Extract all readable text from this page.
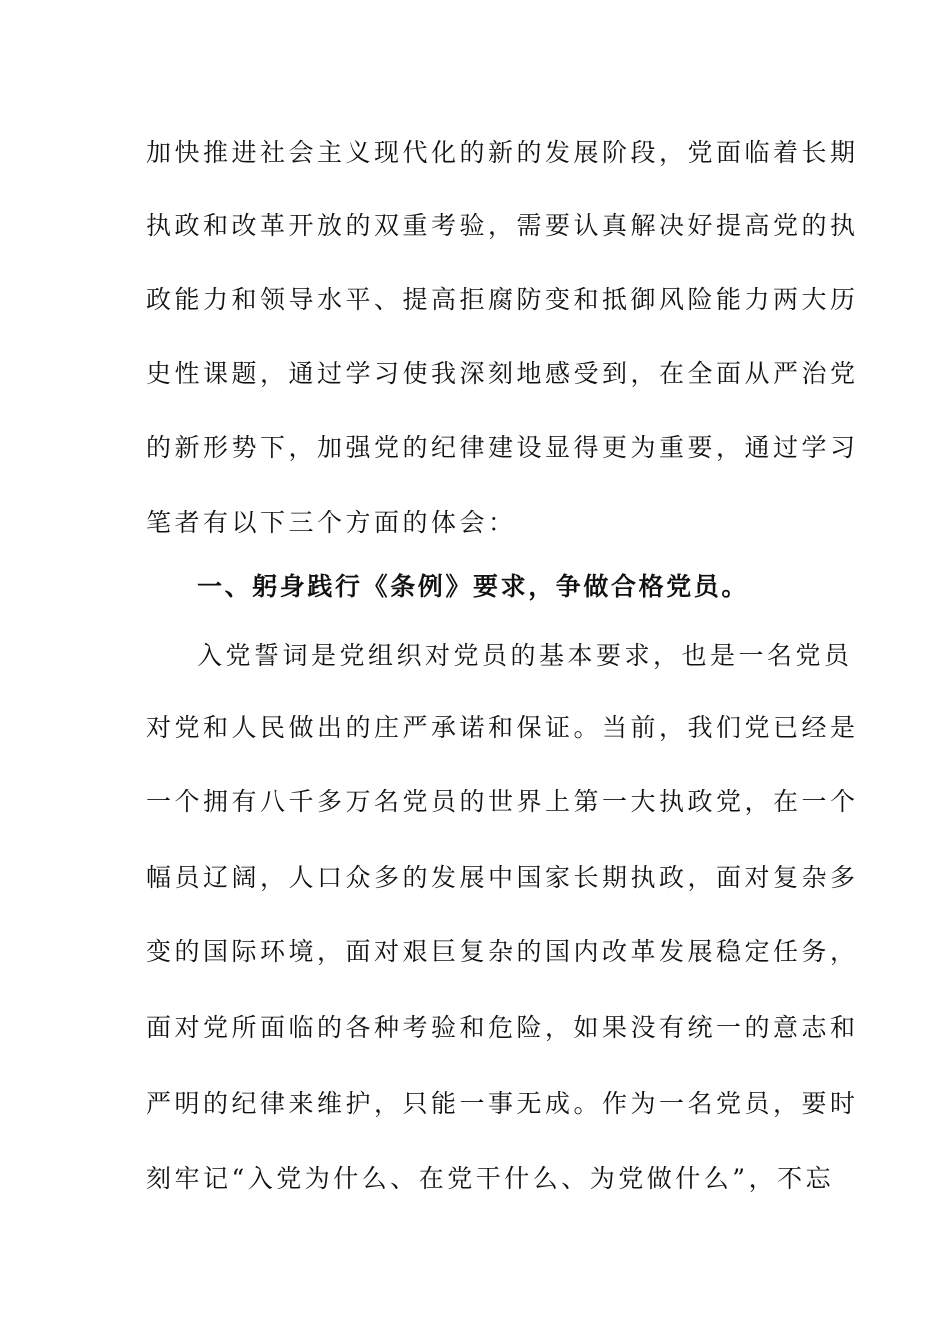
加快推进社会主义现代化的新的发展阶段，党面临着长期
执政和改革开放的双重考验，需要认真解决好提高党的执
政能力和领导水平、提高拒腐防变和抵御风险能力两大历
史性课题，通过学习使我深刻地感受到，在全面从严治党
的新形势下，加强党的纪律建设显得更为重要，通过学习
笔者有以下三个方面的体会：
一、躬身践行《条例》要求，争做合格党员。
入党誓词是党组织对党员的基本要求，也是一名党员
对党和人民做出的庄严承诺和保证。当前，我们党已经是
一个拥有八千多万名党员的世界上第一大执政党，在一个
幅员辽阔，人口众多的发展中国家长期执政，面对复杂多
变的国际环境，面对艰巨复杂的国内改革发展稳定任务，
面对党所面临的各种考验和危险，如果没有统一的意志和
严明的纪律来维护，只能一事无成。作为一名党员，要时
刻牢记“入党为什么、在党干什么、为党做什么”，不忘
